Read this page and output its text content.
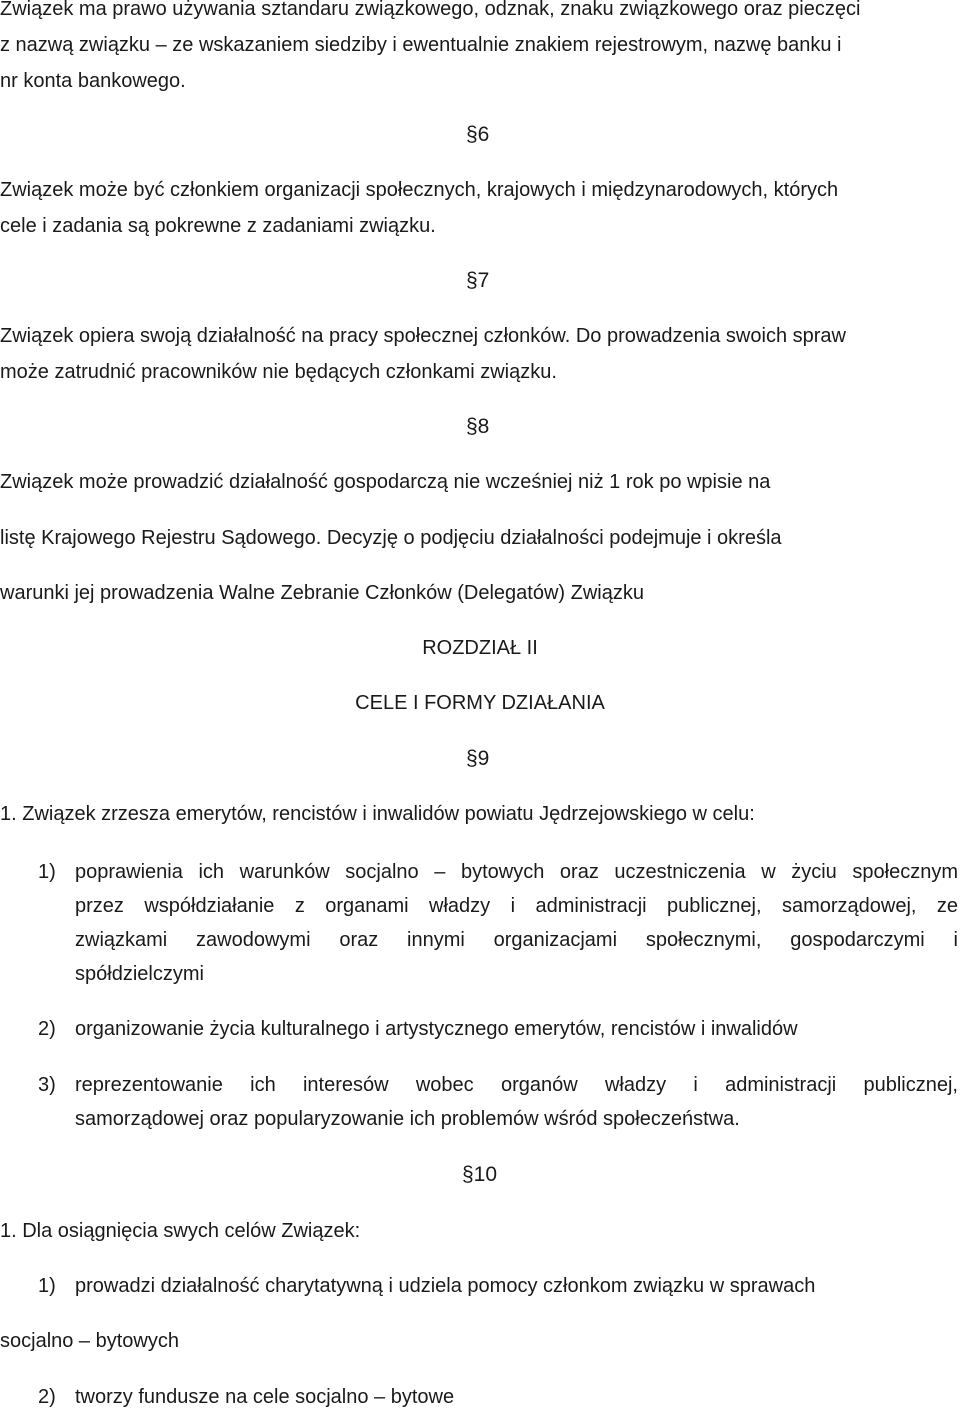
Związek ma prawo używania sztandaru związkowego, odznak, znaku związkowego oraz pieczęci
z nazwą związku – ze wskazaniem siedziby i ewentualnie znakiem rejestrowym, nazwę banku i
nr konta bankowego.
§6
Związek może być członkiem organizacji społecznych, krajowych i międzynarodowych, których
cele i zadania są pokrewne z zadaniami związku.
§7
Związek opiera swoją działalność na pracy społecznej członków. Do prowadzenia swoich spraw
może zatrudnić pracowników nie będących członkami związku.
§8
Związek może prowadzić działalność gospodarczą nie wcześniej niż 1 rok po wpisie na
listę Krajowego Rejestru Sądowego. Decyzję o podjęciu działalności podejmuje i określa
warunki jej prowadzenia Walne Zebranie Członków (Delegatów) Związku
ROZDZIAŁ II
CELE I FORMY DZIAŁANIA
§9
1. Związek zrzesza emerytów, rencistów i inwalidów powiatu Jędrzejowskiego w celu:
1) poprawienia ich warunków socjalno – bytowych oraz uczestniczenia w życiu społecznym
przez współdziałanie z organami władzy i administracji publicznej, samorządowej, ze
związkami zawodowymi oraz innymi organizacjami społecznymi, gospodarczymi i
spółdzielczymi
2) organizowanie życia kulturalnego i artystycznego emerytów, rencistów i inwalidów
3) reprezentowanie ich interesów wobec organów władzy i administracji publicznej,
samorządowej oraz popularyzowanie ich problemów wśród społeczeństwa.
§10
1. Dla osiągnięcia swych celów Związek:
1) prowadzi działalność charytatywną i udziela pomocy członkom związku w sprawach
socjalno – bytowych
2) tworzy fundusze na cele socjalno – bytowe
